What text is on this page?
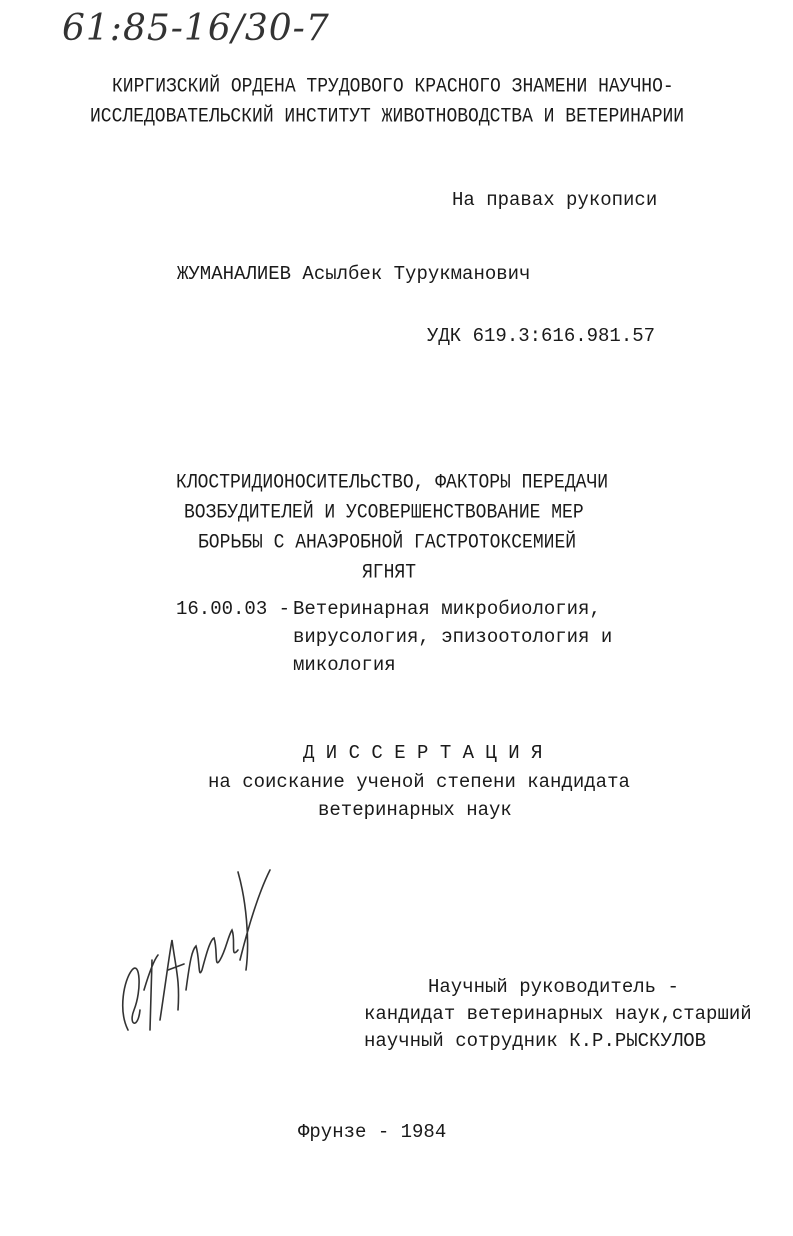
61:85-16/30-7
КИРГИЗСКИЙ ОРДЕНА ТРУДОВОГО КРАСНОГО ЗНАМЕНИ НАУЧНО-
ИССЛЕДОВАТЕЛЬСКИЙ ИНСТИТУТ ЖИВОТНОВОДСТВА И ВЕТЕРИНАРИИ
На правах рукописи
ЖУМАНАЛИЕВ Асылбек Турукманович
УДК 619.3:616.981.57
КЛОСТРИДИОНОСИТЕЛЬСТВО, ФАКТОРЫ ПЕРЕДАЧИ
ВОЗБУДИТЕЛЕЙ И УСОВЕРШЕНСТВОВАНИЕ МЕР
БОРЬБЫ С АНАЭРОБНОЙ ГАСТРОТОКСЕМИЕЙ
ЯГНЯТ
16.00.03 - Ветеринарная микробиология,
вирусология, эпизоотология и
микология
Д И С С Е Р Т А Ц И Я
на соискание ученой степени кандидата
ветеринарных наук
Научный руководитель -
кандидат ветеринарных наук,старший
научный сотрудник К.Р.РЫСКУЛОВ
Фрунзе - 1984
